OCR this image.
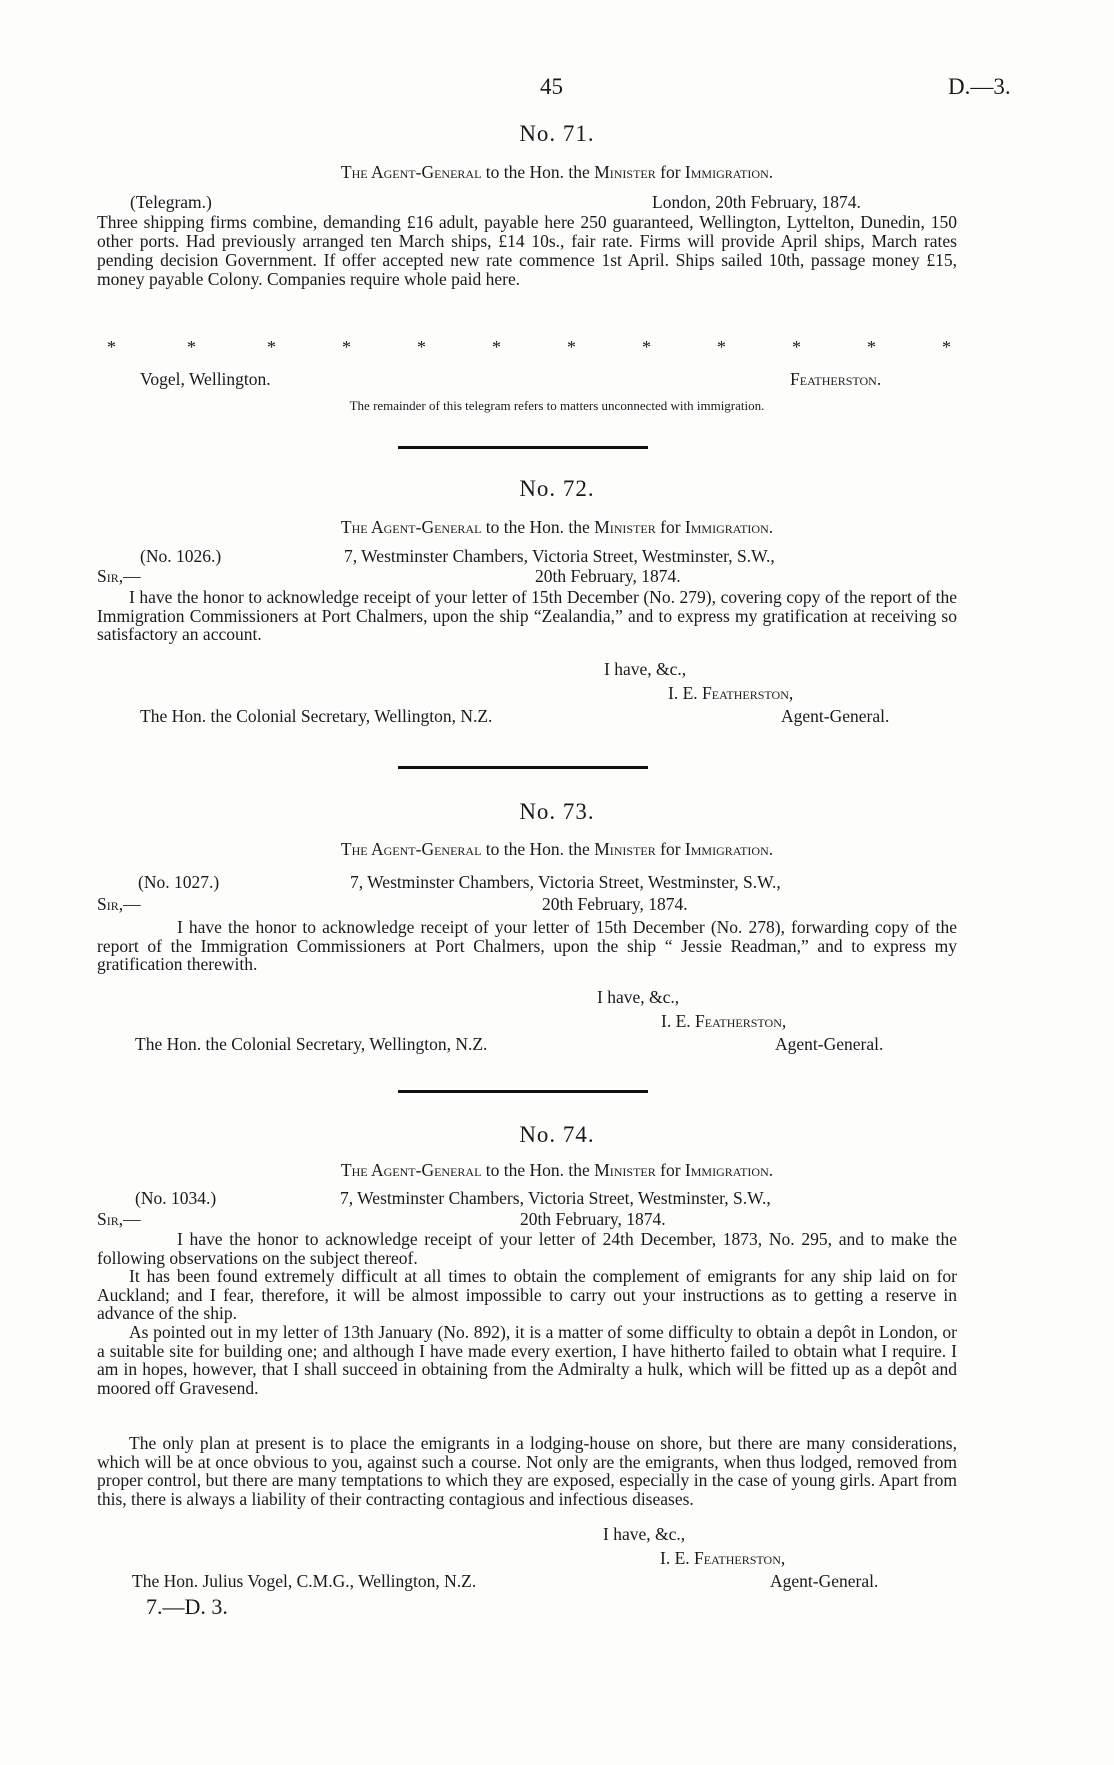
45	D.—3.
No. 71.
The Agent-General to the Hon. the Minister for Immigration.
(Telegram.)	London, 20th February, 1874.
Three shipping firms combine, demanding £16 adult, payable here 250 guaranteed, Wellington, Lyttelton, Dunedin, 150 other ports. Had previously arranged ten March ships, £14 10s., fair rate. Firms will provide April ships, March rates pending decision Government. If offer accepted new rate commence 1st April. Ships sailed 10th, passage money £15, money payable Colony. Companies require whole paid here.
*	*	*	*	*	*	*	*	*	*	*	*
Vogel, Wellington.	Featherston.
The remainder of this telegram refers to matters unconnected with immigration.
No. 72.
The Agent-General to the Hon. the Minister for Immigration.
(No. 1026.)	7, Westminster Chambers, Victoria Street, Westminster, S.W.,
Sir,—	20th February, 1874.
I have the honor to acknowledge receipt of your letter of 15th December (No. 279), covering copy of the report of the Immigration Commissioners at Port Chalmers, upon the ship “Zealandia,” and to express my gratification at receiving so satisfactory an account.
I have, &c.,
I. E. Featherston,
The Hon. the Colonial Secretary, Wellington, N.Z.	Agent-General.
No. 73.
The Agent-General to the Hon. the Minister for Immigration.
(No. 1027.)	7, Westminster Chambers, Victoria Street, Westminster, S.W.,
Sir,—	20th February, 1874.
I have the honor to acknowledge receipt of your letter of 15th December (No. 278), forwarding copy of the report of the Immigration Commissioners at Port Chalmers, upon the ship “ Jessie Readman,” and to express my gratification therewith.
I have, &c.,
I. E. Featherston,
The Hon. the Colonial Secretary, Wellington, N.Z.	Agent-General.
No. 74.
The Agent-General to the Hon. the Minister for Immigration.
(No. 1034.)	7, Westminster Chambers, Victoria Street, Westminster, S.W.,
Sir,—	20th February, 1874.
I have the honor to acknowledge receipt of your letter of 24th December, 1873, No. 295, and to make the following observations on the subject thereof.
It has been found extremely difficult at all times to obtain the complement of emigrants for any ship laid on for Auckland; and I fear, therefore, it will be almost impossible to carry out your instructions as to getting a reserve in advance of the ship.
As pointed out in my letter of 13th January (No. 892), it is a matter of some difficulty to obtain a depôt in London, or a suitable site for building one; and although I have made every exertion, I have hitherto failed to obtain what I require. I am in hopes, however, that I shall succeed in obtaining from the Admiralty a hulk, which will be fitted up as a depôt and moored off Gravesend.
The only plan at present is to place the emigrants in a lodging-house on shore, but there are many considerations, which will be at once obvious to you, against such a course. Not only are the emigrants, when thus lodged, removed from proper control, but there are many temptations to which they are exposed, especially in the case of young girls. Apart from this, there is always a liability of their contracting contagious and infectious diseases.
I have, &c.,
I. E. Featherston,
The Hon. Julius Vogel, C.M.G., Wellington, N.Z.	Agent-General.
7.—D. 3.
